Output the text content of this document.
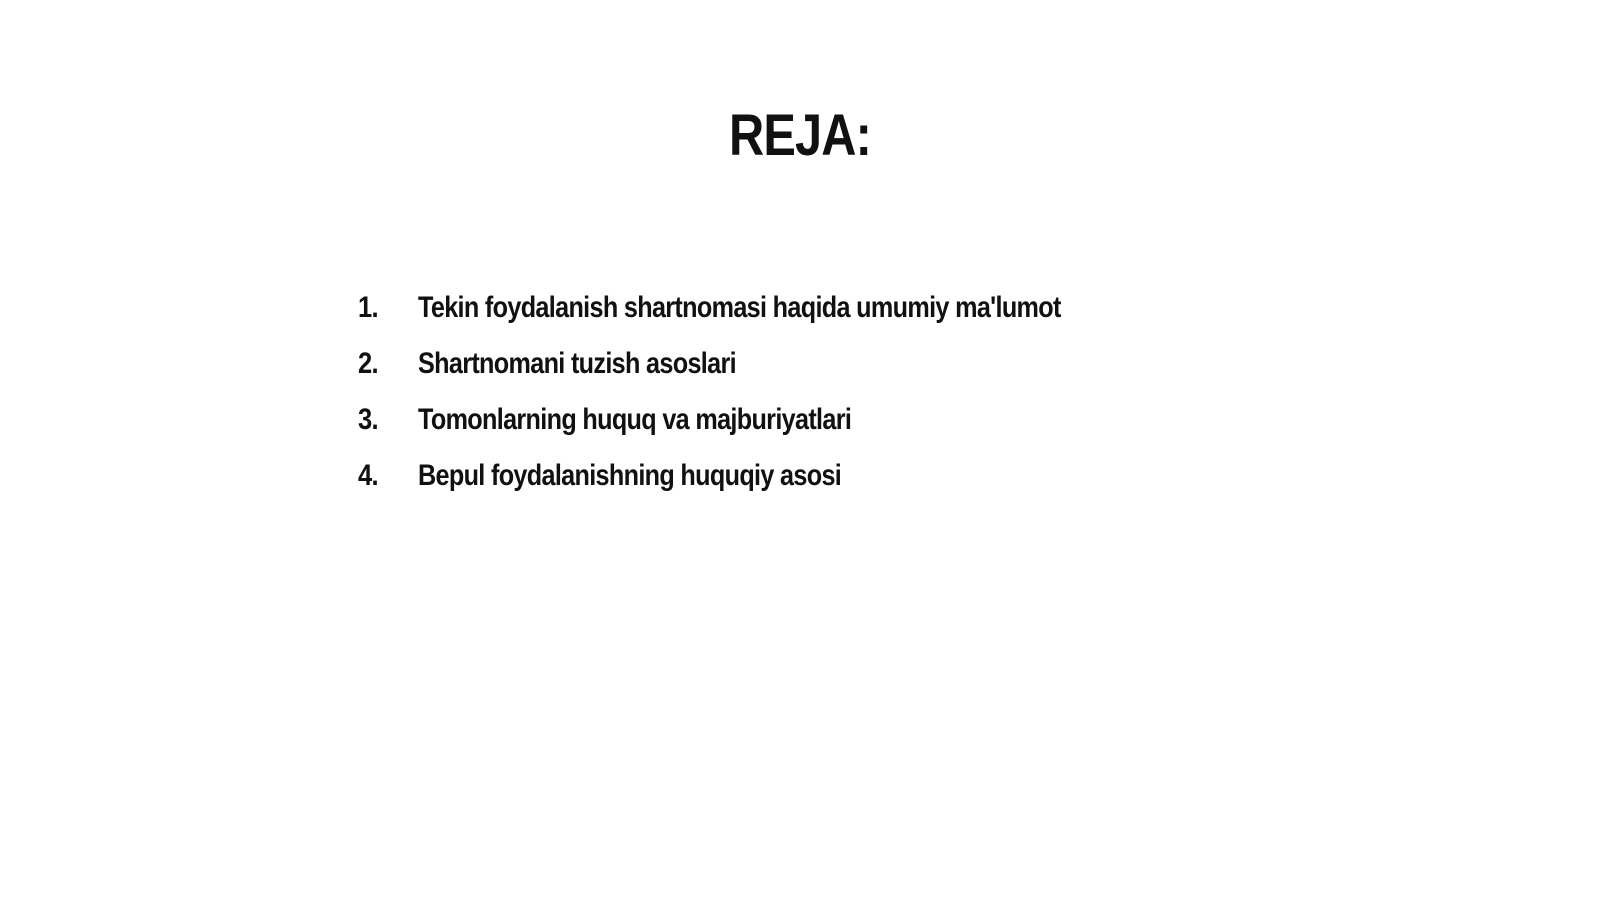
REJA:
1.	Tekin foydalanish shartnomasi haqida umumiy ma'lumot
2.	Shartnomani tuzish asoslari
3.	Tomonlarning huquq va majburiyatlari
4.	Bepul foydalanishning huquqiy asosi
